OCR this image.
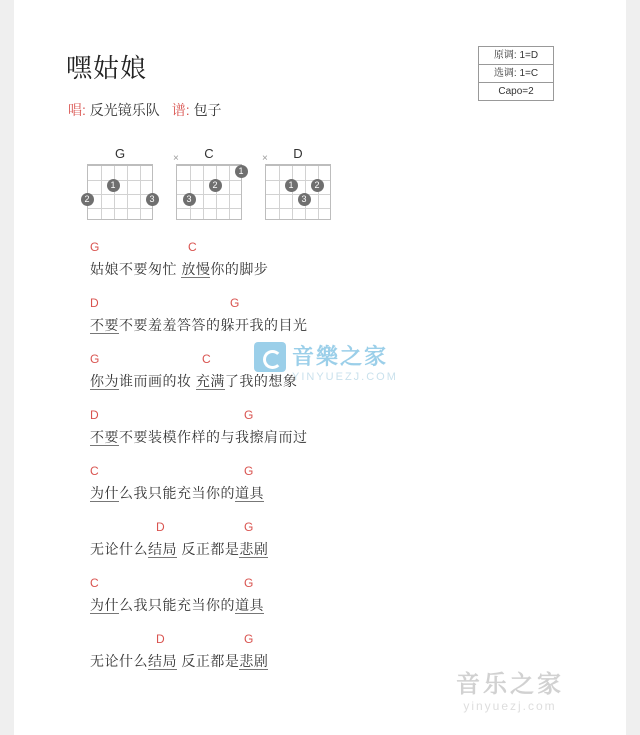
嘿姑娘
唱: 反光镜乐队 谱: 包子
原调: 1=D
选调: 1=C
Capo=2
G
1
2	3
C
1
2
3
×	D
1	2
3
×
G	C
姑娘不要匆忙 放慢你的脚步
D	G
不要不要羞羞答答的躲开我的目光
G	C
你为谁而画的妆 充满了我的想象
D	G
不要不要装模作样的与我擦肩而过
C	G
为什么我只能充当你的道具
D	G
无论什么结局 反正都是悲剧
C	G
为什么我只能充当你的道具
D	G
无论什么结局 反正都是悲剧
音樂之家
YINYUEZJ.COM
音乐之家
yinyuezj.com
